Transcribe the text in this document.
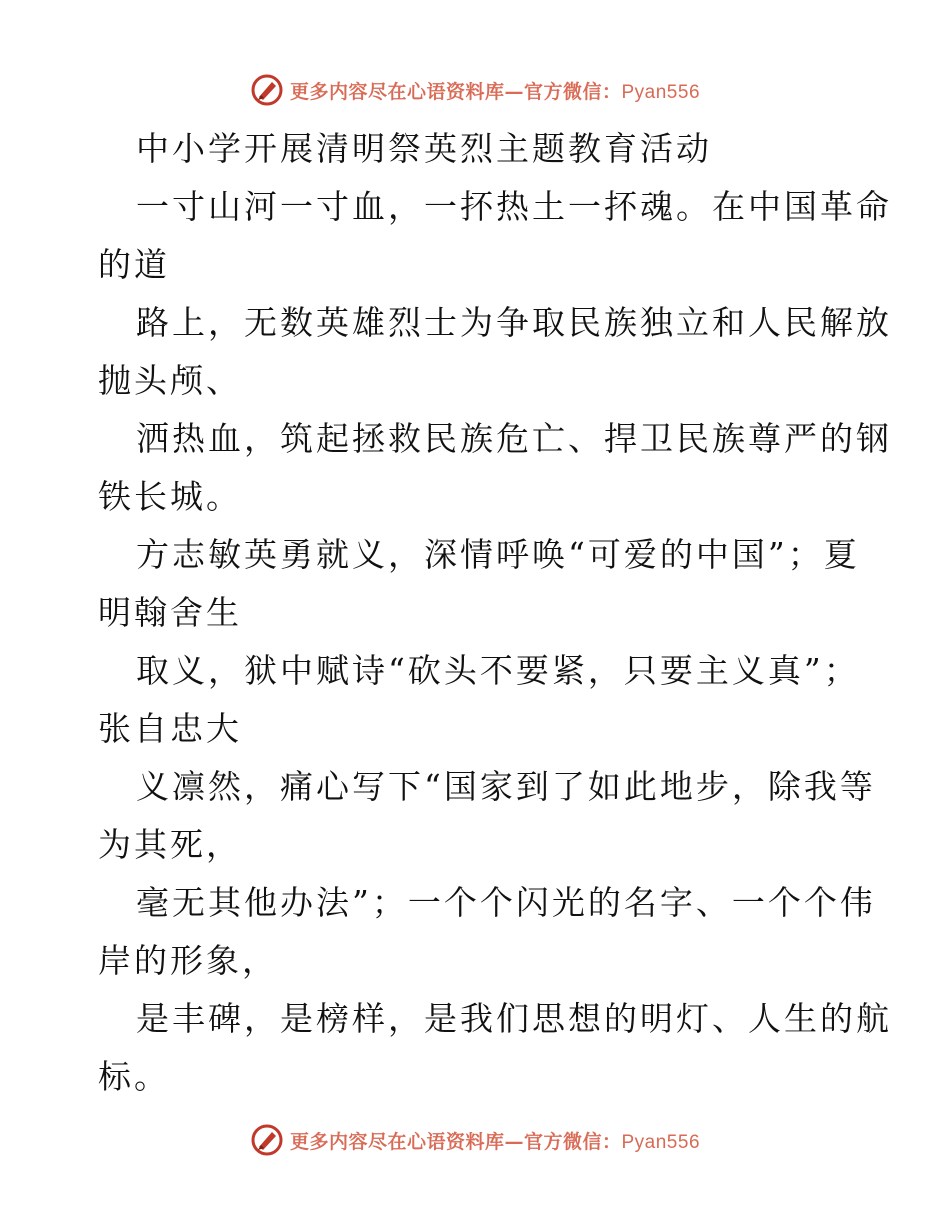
更多内容尽在心语资料库—官方微信：Pyan556
中小学开展清明祭英烈主题教育活动
一寸山河一寸血，一抔热土一抔魂。在中国革命
的道
路上，无数英雄烈士为争取民族独立和人民解放
抛头颅、
洒热血，筑起拯救民族危亡、捍卫民族尊严的钢
铁长城。
方志敏英勇就义，深情呼唤“可爱的中国”；夏
明翰舍生
取义，狱中赋诗“砍头不要紧，只要主义真”；
张自忠大
义凛然，痛心写下“国家到了如此地步，除我等
为其死，
毫无其他办法”；一个个闪光的名字、一个个伟
岸的形象，
是丰碑，是榜样，是我们思想的明灯、人生的航
标。
更多内容尽在心语资料库—官方微信：Pyan556
